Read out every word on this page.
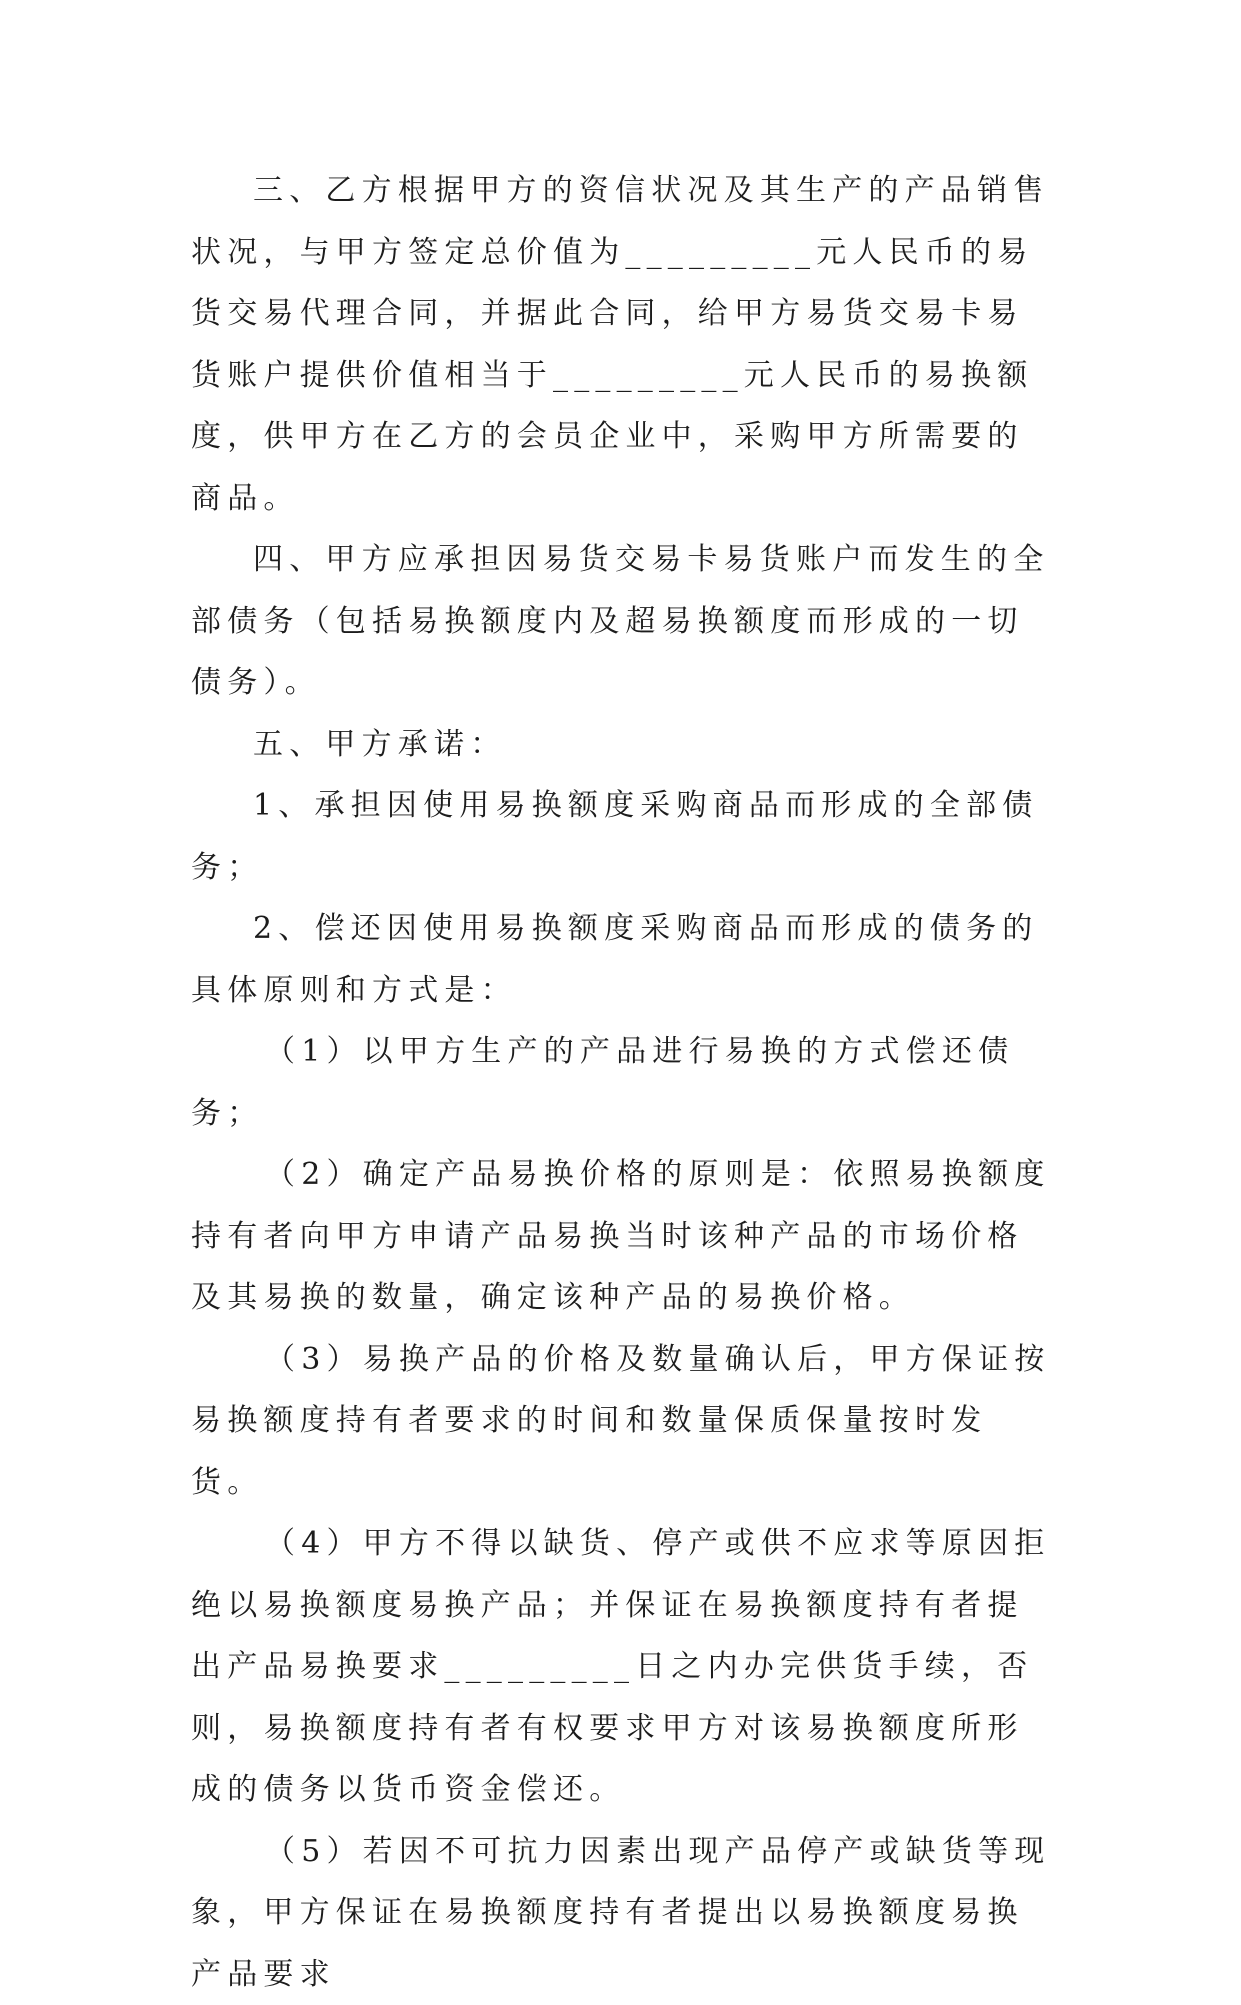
三、乙方根据甲方的资信状况及其生产的产品销售状况，与甲方签定总价值为_________元人民币的易货交易代理合同，并据此合同，给甲方易货交易卡易货账户提供价值相当于_________元人民币的易换额度，供甲方在乙方的会员企业中，采购甲方所需要的商品。

四、甲方应承担因易货交易卡易货账户而发生的全部债务（包括易换额度内及超易换额度而形成的一切债务）。

五、甲方承诺：

1、承担因使用易换额度采购商品而形成的全部债务；

2、偿还因使用易换额度采购商品而形成的债务的具体原则和方式是：

（1）以甲方生产的产品进行易换的方式偿还债务；

（2）确定产品易换价格的原则是：依照易换额度持有者向甲方申请产品易换当时该种产品的市场价格及其易换的数量，确定该种产品的易换价格。

（3）易换产品的价格及数量确认后，甲方保证按易换额度持有者要求的时间和数量保质保量按时发货。

（4）甲方不得以缺货、停产或供不应求等原因拒绝以易换额度易换产品；并保证在易换额度持有者提出产品易换要求_________日之内办完供货手续，否则，易换额度持有者有权要求甲方对该易换额度所形成的债务以货币资金偿还。

（5）若因不可抗力因素出现产品停产或缺货等现象，甲方保证在易换额度持有者提出以易换额度易换产品要求
